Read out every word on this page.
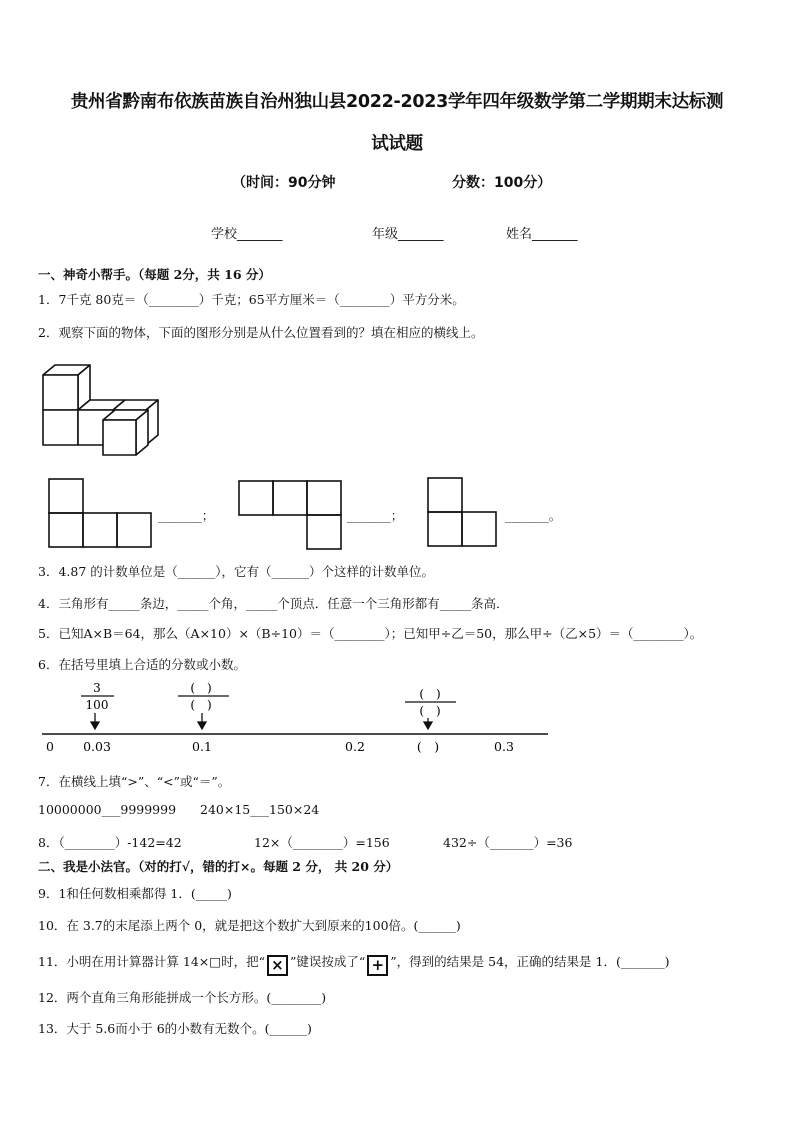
贵州省黔南布依族苗族自治州独山县2022-2023学年四年级数学第二学期期末达标测
试试题
（时间：90分钟	分数：100分）
学校_______	年级_______	姓名_______
一、神奇小帮手。（每题 2分，共 16 分）
1．7千克 80克＝（________）千克；65平方厘米＝（________）平方分米。
2．观察下面的物体，下面的图形分别是从什么位置看到的？填在相应的横线上。
_______；	_______；	_______。
3．4.87 的计数单位是（______），它有（______）个这样的计数单位。
4．三角形有_____条边，_____个角，_____个顶点．任意一个三角形都有_____条高．
5．已知A×B＝64，那么（A×10）×（B÷10）＝（________）；已知甲÷乙＝50，那么甲÷（乙×5）＝（________）。
6．在括号里填上合适的分数或小数。
3
100
(　)
(　)
(　)
(　)
0 0.03	0.1	0.2	(　)	0.3
7．在横线上填“>”、“<”或“＝”。
10000000___9999999 240×15___150×24
8．（________）-142=42	12×（________）=156	432÷（_______）=36
二、我是小法官。（对的打√，错的打×。每题 2 分， 共 20 分）
9．1和任何数相乘都得 1．(_____)
10．在 3.7的末尾添上两个 0，就是把这个数扩大到原来的100倍。(______)
11．小明在用计算器计算 14×□时，把“ × ”键误按成了“ + ”，得到的结果是 54，正确的结果是 1．(_______)
12．两个直角三角形能拼成一个长方形。(________)
13．大于 5.6而小于 6的小数有无数个。(______)
